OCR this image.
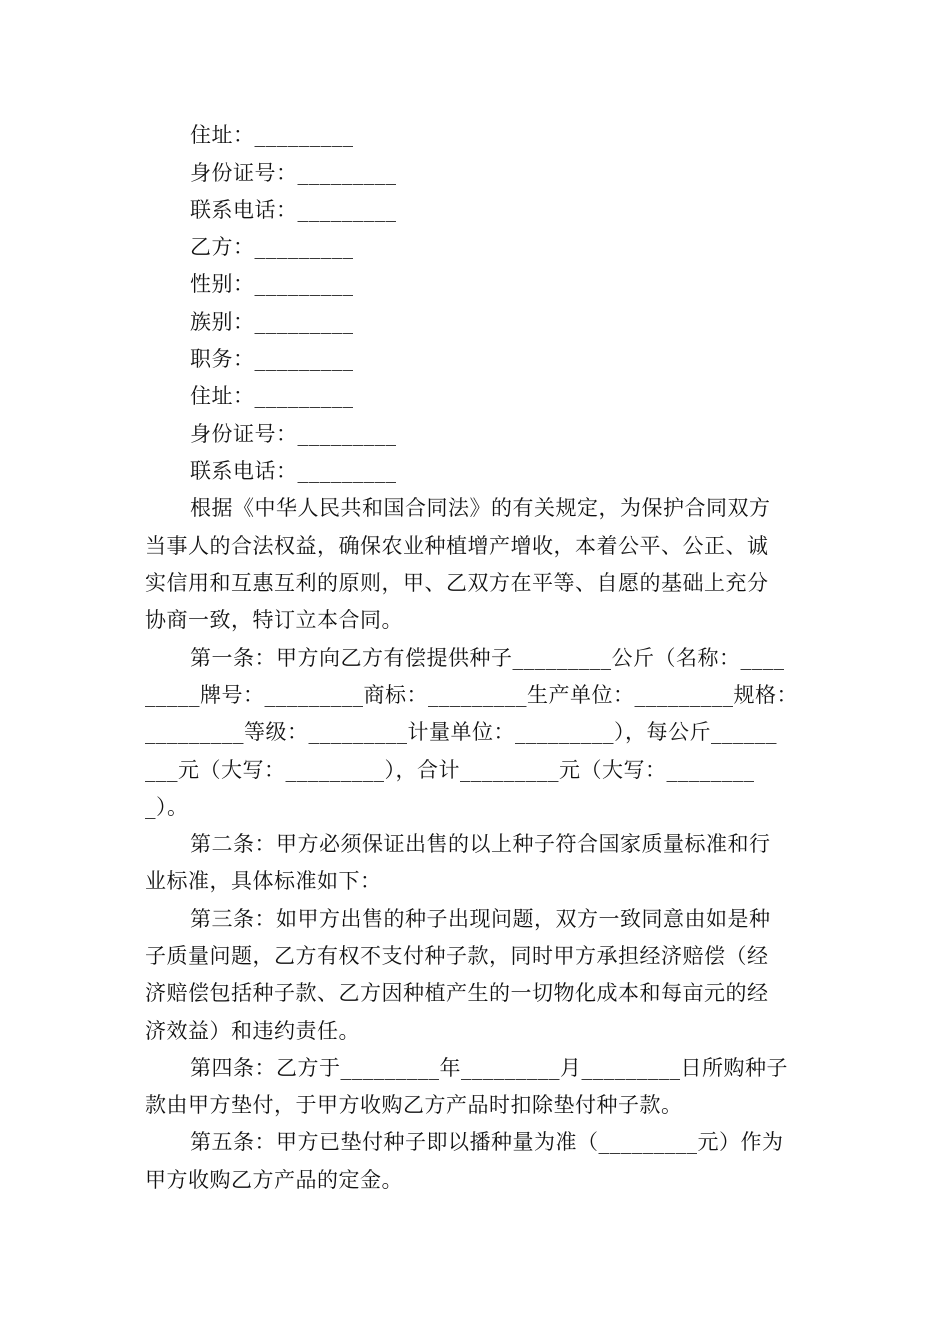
住址：_________
身份证号：_________
联系电话：_________
乙方：_________
性别：_________
族别：_________
职务：_________
住址：_________
身份证号：_________
联系电话：_________
根据《中华人民共和国合同法》的有关规定，为保护合同双方
当事人的合法权益，确保农业种植增产增收，本着公平、公正、诚
实信用和互惠互利的原则，甲、乙双方在平等、自愿的基础上充分
协商一致，特订立本合同。
第一条：甲方向乙方有偿提供种子_________公斤（名称：____
_____牌号：_________商标：_________生产单位：_________规格：
_________等级：_________计量单位：_________），每公斤______
___元（大写：_________），合计_________元（大写：________
_）。
第二条：甲方必须保证出售的以上种子符合国家质量标准和行
业标准，具体标准如下：
第三条：如甲方出售的种子出现问题，双方一致同意由如是种
子质量问题，乙方有权不支付种子款，同时甲方承担经济赔偿（经
济赔偿包括种子款、乙方因种植产生的一切物化成本和每亩元的经
济效益）和违约责任。
第四条：乙方于_________年_________月_________日所购种子
款由甲方垫付，于甲方收购乙方产品时扣除垫付种子款。
第五条：甲方已垫付种子即以播种量为准（_________元）作为
甲方收购乙方产品的定金。
